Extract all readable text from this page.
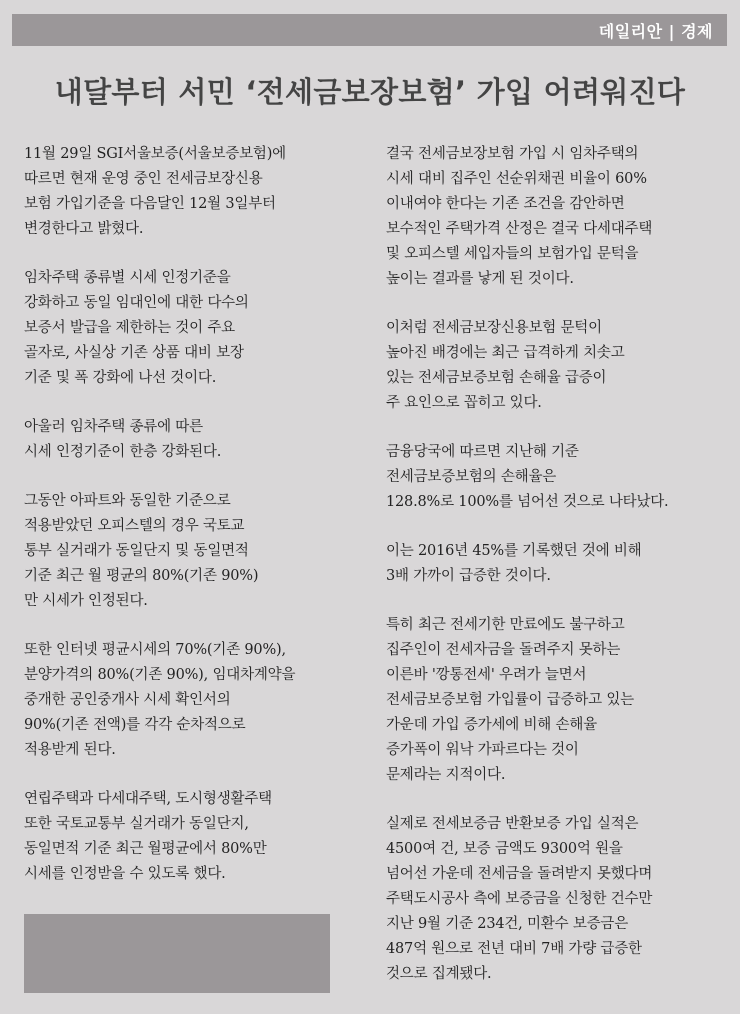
데일리안 | 경제
내달부터 서민 ‘전세금보장보험’ 가입 어려워진다

11월 29일 SGI서울보증(서울보증보험)에
따르면 현재 운영 중인 전세금보장신용
보험 가입기준을 다음달인 12월 3일부터
변경한다고 밝혔다.

임차주택 종류별 시세 인정기준을
강화하고 동일 임대인에 대한 다수의
보증서 발급을 제한하는 것이 주요
골자로, 사실상 기존 상품 대비 보장
기준 및 폭 강화에 나선 것이다.

아울러 임차주택 종류에 따른
시세 인정기준이 한층 강화된다.

그동안 아파트와 동일한 기준으로
적용받았던 오피스텔의 경우 국토교
통부 실거래가 동일단지 및 동일면적
기준 최근 월 평균의 80%(기존 90%)
만 시세가 인정된다.

또한 인터넷 평균시세의 70%(기존 90%),
분양가격의 80%(기존 90%), 임대차계약을
중개한 공인중개사 시세 확인서의
90%(기존 전액)를 각각 순차적으로
적용받게 된다.

연립주택과 다세대주택, 도시형생활주택
또한 국토교통부 실거래가 동일단지,
동일면적 기준 최근 월평균에서 80%만
시세를 인정받을 수 있도록 했다.

결국 전세금보장보험 가입 시 임차주택의
시세 대비 집주인 선순위채권 비율이 60%
이내여야 한다는 기존 조건을 감안하면
보수적인 주택가격 산정은 결국 다세대주택
및 오피스텔 세입자들의 보험가입 문턱을
높이는 결과를 낳게 된 것이다.

이처럼 전세금보장신용보험 문턱이
높아진 배경에는 최근 급격하게 치솟고
있는 전세금보증보험 손해율 급증이
주 요인으로 꼽히고 있다.

금융당국에 따르면 지난해 기준
전세금보증보험의 손해율은
128.8%로 100%를 넘어선 것으로 나타났다.

이는 2016년 45%를 기록했던 것에 비해
3배 가까이 급증한 것이다.

특히 최근 전세기한 만료에도 불구하고
집주인이 전세자금을 돌려주지 못하는
이른바 '깡통전세' 우려가 늘면서
전세금보증보험 가입률이 급증하고 있는
가운데 가입 증가세에 비해 손해율
증가폭이 워낙 가파르다는 것이
문제라는 지적이다.

실제로 전세보증금 반환보증 가입 실적은
4500여 건, 보증 금액도 9300억 원을
넘어선 가운데 전세금을 돌려받지 못했다며
주택도시공사 측에 보증금을 신청한 건수만
지난 9월 기준 234건, 미환수 보증금은
487억 원으로 전년 대비 7배 가량 급증한
것으로 집계됐다.
